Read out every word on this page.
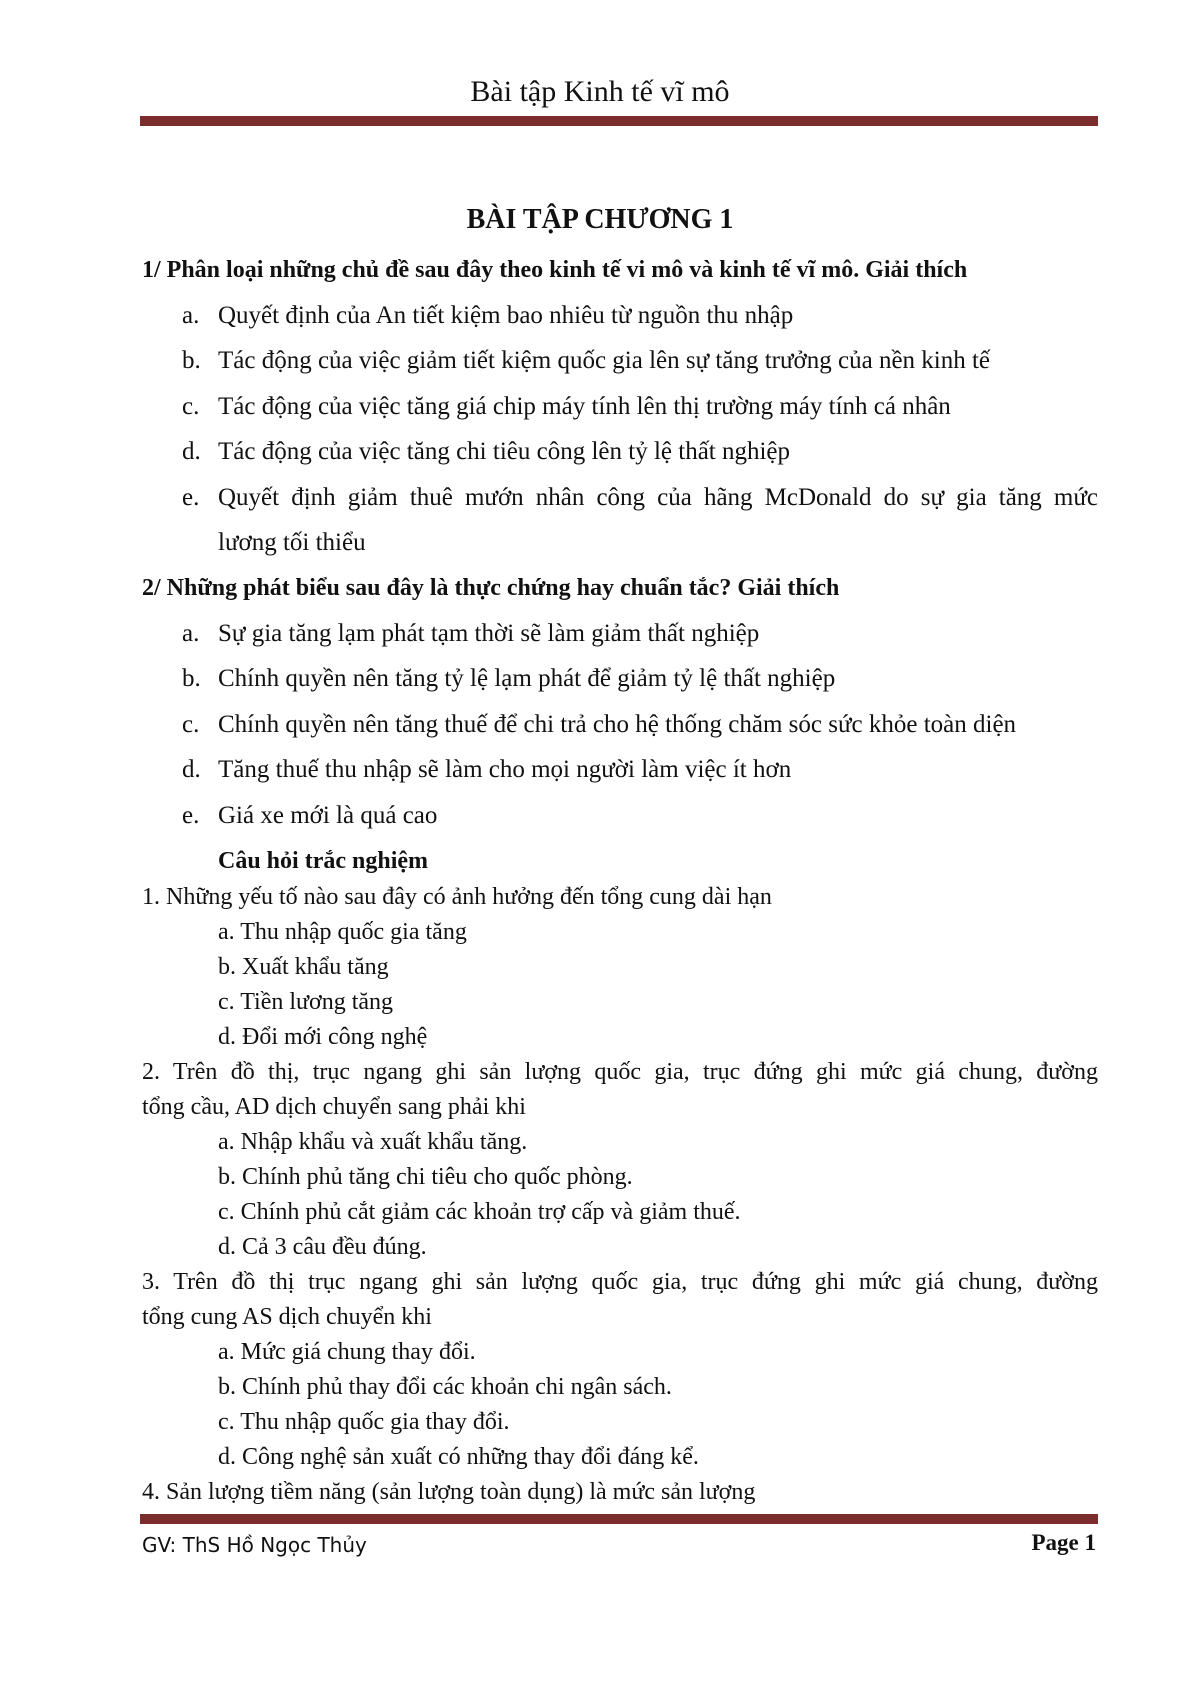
Bài tập Kinh tế vĩ mô
BÀI TẬP CHƯƠNG 1
1/ Phân loại những chủ đề sau đây theo kinh tế vi mô và kinh tế vĩ mô. Giải thích
a. Quyết định của An tiết kiệm bao nhiêu từ nguồn thu nhập
b. Tác động của việc giảm tiết kiệm quốc gia lên sự tăng trưởng của nền kinh tế
c. Tác động của việc tăng giá chip máy tính lên thị trường máy tính cá nhân
d. Tác động của việc tăng chi tiêu công lên tỷ lệ thất nghiệp
e. Quyết định giảm thuê mướn nhân công của hãng McDonald do sự gia tăng mức
lương tối thiểu
2/ Những phát biểu sau đây là thực chứng hay chuẩn tắc? Giải thích
a. Sự gia tăng lạm phát tạm thời sẽ làm giảm thất nghiệp
b. Chính quyền nên tăng tỷ lệ lạm phát để giảm tỷ lệ thất nghiệp
c. Chính quyền nên tăng thuế để chi trả cho hệ thống chăm sóc sức khỏe toàn diện
d. Tăng thuế thu nhập sẽ làm cho mọi người làm việc ít hơn
e. Giá xe mới là quá cao
Câu hỏi trắc nghiệm
1. Những yếu tố nào sau đây có ảnh hưởng đến tổng cung dài hạn
a. Thu nhập quốc gia tăng
b. Xuất khẩu tăng
c. Tiền lương tăng
d. Đổi mới công nghệ
2. Trên đồ thị, trục ngang ghi sản lượng quốc gia, trục đứng ghi mức giá chung, đường
tổng cầu, AD dịch chuyển sang phải khi
a. Nhập khẩu và xuất khẩu tăng.
b. Chính phủ tăng chi tiêu cho quốc phòng.
c. Chính phủ cắt giảm các khoản trợ cấp và giảm thuế.
d. Cả 3 câu đều đúng.
3. Trên đồ thị trục ngang ghi sản lượng quốc gia, trục đứng ghi mức giá chung, đường
tổng cung AS dịch chuyển khi
a. Mức giá chung thay đổi.
b. Chính phủ thay đổi các khoản chi ngân sách.
c. Thu nhập quốc gia thay đổi.
d. Công nghệ sản xuất có những thay đổi đáng kể.
4. Sản lượng tiềm năng (sản lượng toàn dụng) là mức sản lượng
GV: ThS Hồ Ngọc Thủy	Page 1
